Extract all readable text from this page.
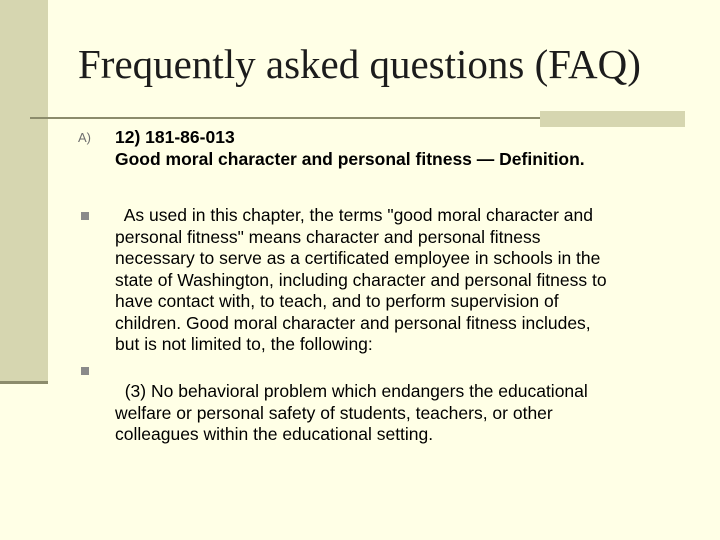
Frequently asked questions (FAQ)
A) 12) 181-86-013
Good moral character and personal fitness — Definition.
As used in this chapter, the terms "good moral character and
personal fitness" means character and personal fitness
necessary to serve as a certificated employee in schools in the
state of Washington, including character and personal fitness to
have contact with, to teach, and to perform supervision of
children. Good moral character and personal fitness includes,
but is not limited to, the following:
(3) No behavioral problem which endangers the educational
welfare or personal safety of students, teachers, or other
colleagues within the educational setting.
